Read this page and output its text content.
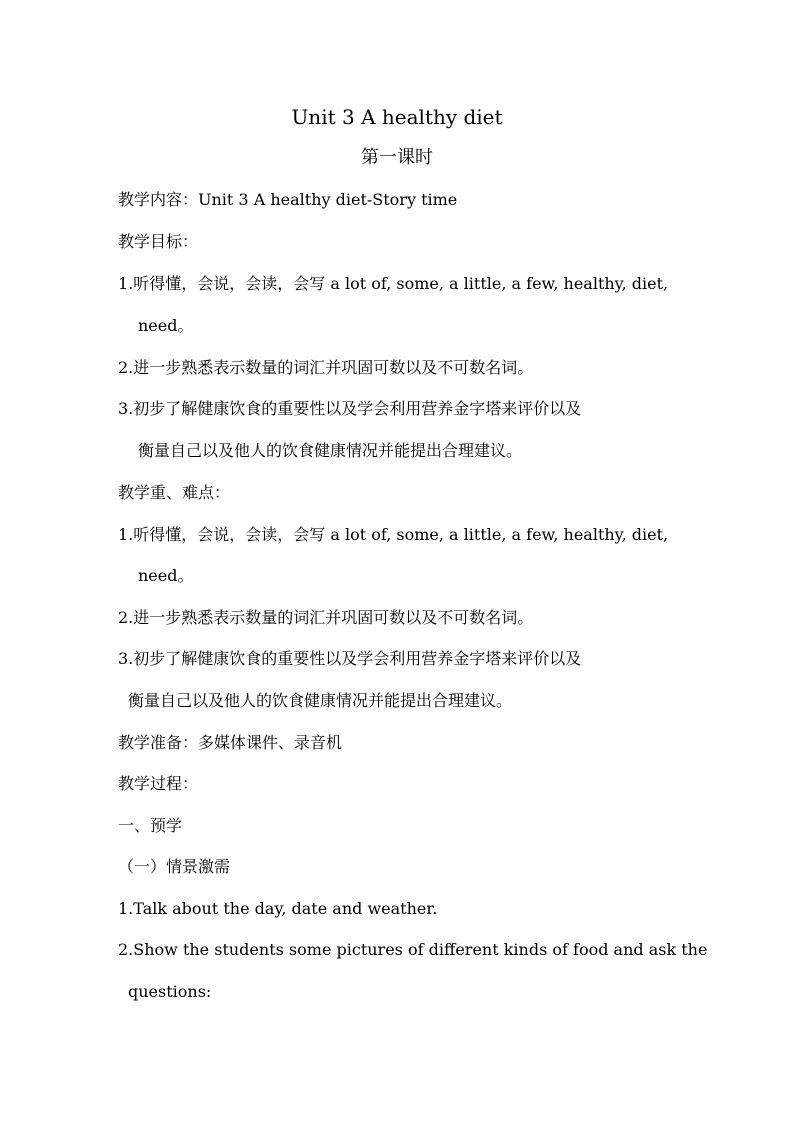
Unit 3 A healthy diet
第一课时
教学内容：Unit 3 A healthy diet-Story time
教学目标：
1.听得懂，会说，会读，会写 a lot of, some, a little, a few, healthy, diet,
need。
2.进一步熟悉表示数量的词汇并巩固可数以及不可数名词。
3.初步了解健康饮食的重要性以及学会利用营养金字塔来评价以及
衡量自己以及他人的饮食健康情况并能提出合理建议。
教学重、难点：
1.听得懂，会说，会读，会写 a lot of, some, a little, a few, healthy, diet,
need。
2.进一步熟悉表示数量的词汇并巩固可数以及不可数名词。
3.初步了解健康饮食的重要性以及学会利用营养金字塔来评价以及
衡量自己以及他人的饮食健康情况并能提出合理建议。
教学准备：多媒体课件、录音机
教学过程：
一、预学
（一）情景激需
1.Talk about the day, date and weather.
2.Show the students some pictures of different kinds of food and ask the
questions:
